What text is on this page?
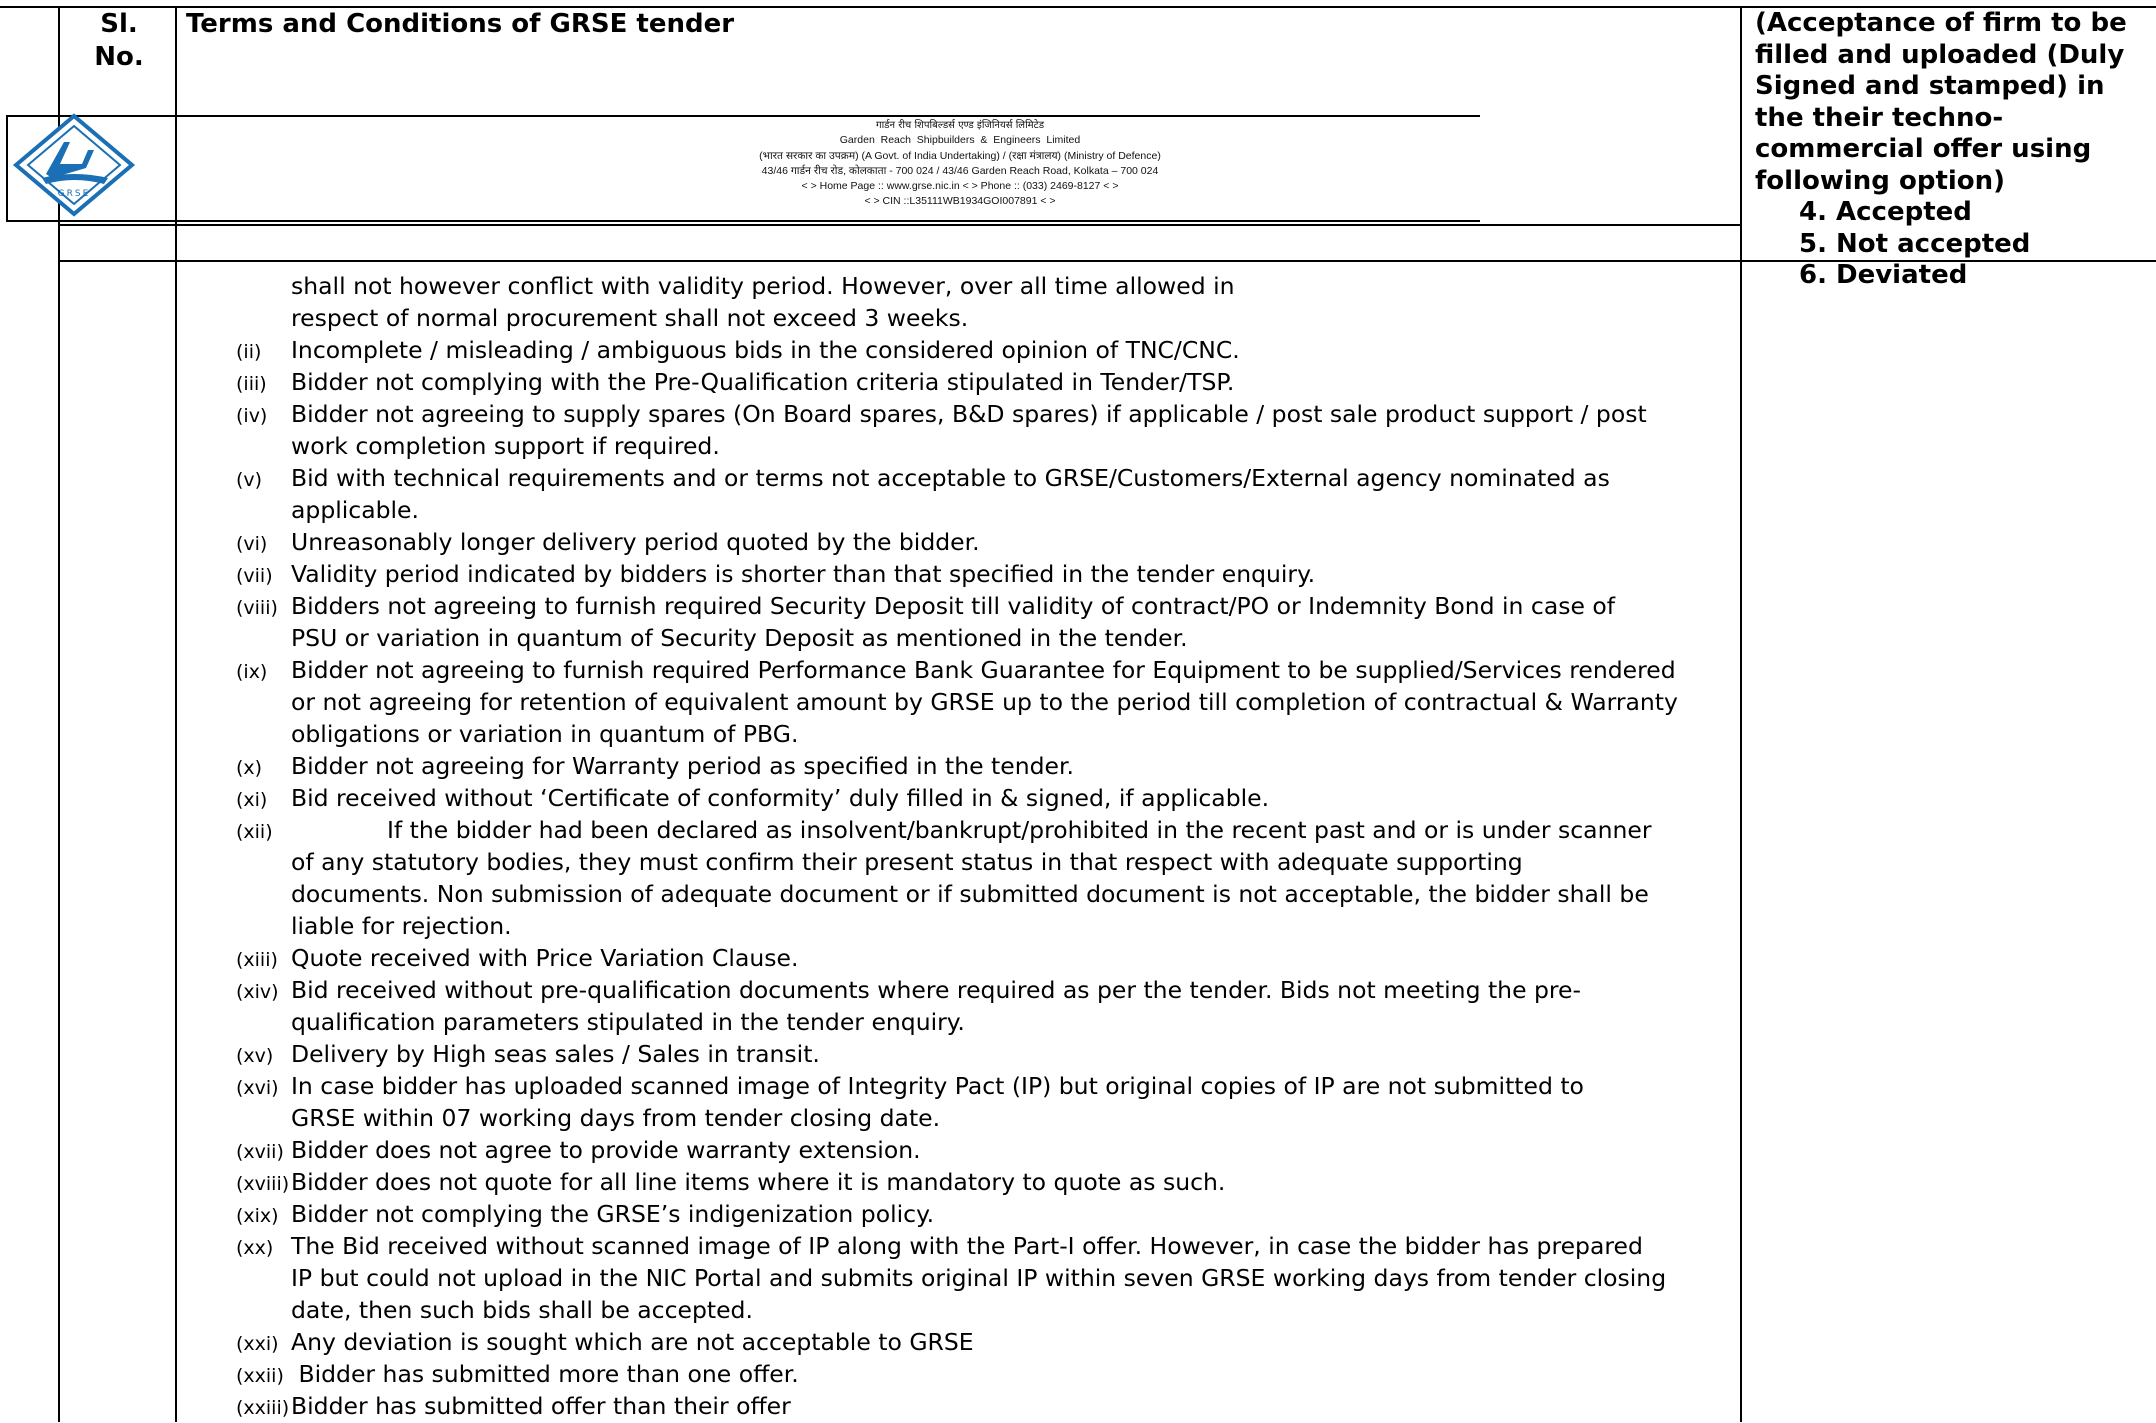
Sl.
No.
Terms and Conditions of GRSE tender	(Acceptance of firm to be filled and uploaded (Duly Signed and stamped) in the their techno-commercial offer using following option)
4. Accepted
5. Not accepted
6. Deviated
GRSE
गार्डन रीच शिपबिल्डर्स एण्ड इंजिनियर्स लिमिटेड
Garden  Reach  Shipbuilders  &  Engineers  Limited
(भारत सरकार का उपक्रम) (A Govt. of India Undertaking) / (रक्षा मंत्रालय) (Ministry of Defence)
43/46 गार्डन रीच रोड, कोलकाता - 700 024 / 43/46 Garden Reach Road, Kolkata – 700 024
< > Home Page :: www.grse.nic.in < > Phone :: (033) 2469-8127 < >
< > CIN ::L35111WB1934GOI007891 < >
shall not however conflict with validity period. However, over all time allowed in respect of normal procurement shall not exceed 3 weeks.
(ii) Incomplete / misleading / ambiguous bids in the considered opinion of TNC/CNC.
(iii) Bidder not complying with the Pre-Qualification criteria stipulated in Tender/TSP.
(iv) Bidder not agreeing to supply spares (On Board spares, B&D spares) if applicable / post sale product support / post work completion support if required.
(v) Bid with technical requirements and or terms not acceptable to GRSE/Customers/External agency nominated as applicable.
(vi) Unreasonably longer delivery period quoted by the bidder.
(vii) Validity period indicated by bidders is shorter than that specified in the tender enquiry.
(viii) Bidders not agreeing to furnish required Security Deposit till validity of contract/PO or Indemnity Bond in case of PSU or variation in quantum of Security Deposit as mentioned in the tender.
(ix) Bidder not agreeing to furnish required Performance Bank Guarantee for Equipment to be supplied/Services rendered or not agreeing for retention of equivalent amount by GRSE up to the period till completion of contractual & Warranty obligations or variation in quantum of PBG.
(x) Bidder not agreeing for Warranty period as specified in the tender.
(xi) Bid received without ‘Certificate of conformity’ duly filled in & signed, if applicable.
(xii)	If the bidder had been declared as insolvent/bankrupt/prohibited in the recent past and or is under scanner of any statutory bodies, they must confirm their present status in that respect with adequate supporting documents. Non submission of adequate document or if submitted document is not acceptable, the bidder shall be liable for rejection.
(xiii) Quote received with Price Variation Clause.
(xiv) Bid received without pre-qualification documents where required as per the tender. Bids not meeting the pre-qualification parameters stipulated in the tender enquiry.
(xv) Delivery by High seas sales / Sales in transit.
(xvi) In case bidder has uploaded scanned image of Integrity Pact (IP) but original copies of IP are not submitted to GRSE within 07 working days from tender closing date.
(xvii) Bidder does not agree to provide warranty extension.
(xviii) Bidder does not quote for all line items where it is mandatory to quote as such.
(xix) Bidder not complying the GRSE’s indigenization policy.
(xx) The Bid received without scanned image of IP along with the Part-I offer. However, in case the bidder has prepared IP but could not upload in the NIC Portal and submits original IP within seven GRSE working days from tender closing date, then such bids shall be accepted.
(xxi) Any deviation is sought which are not acceptable to GRSE
(xxii) Bidder has submitted more than one offer.
(xxiii) Bidder has submitted offer than their offer
